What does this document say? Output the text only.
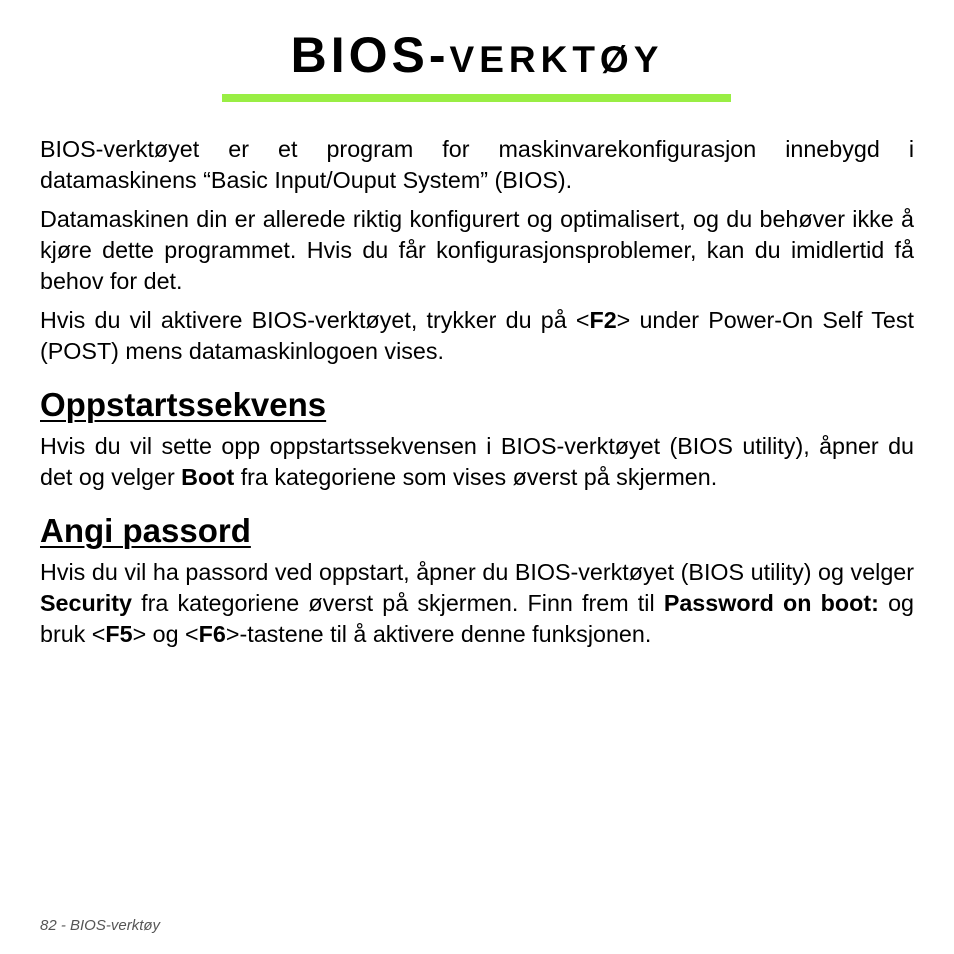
BIOS-VERKTØY

BIOS-verktøyet er et program for maskinvarekonfigurasjon innebygd i datamaskinens “Basic Input/Ouput System” (BIOS).

Datamaskinen din er allerede riktig konfigurert og optimalisert, og du behøver ikke å kjøre dette programmet. Hvis du får konfigurasjonsproblemer, kan du imidlertid få behov for det.

Hvis du vil aktivere BIOS-verktøyet, trykker du på <F2> under Power-On Self Test (POST) mens datamaskinlogoen vises.

Oppstartssekvens

Hvis du vil sette opp oppstartssekvensen i BIOS-verktøyet (BIOS utility), åpner du det og velger Boot fra kategoriene som vises øverst på skjermen.

Angi passord

Hvis du vil ha passord ved oppstart, åpner du BIOS-verktøyet (BIOS utility) og velger Security fra kategoriene øverst på skjermen. Finn frem til Password on boot: og bruk <F5> og <F6>-tastene til å aktivere denne funksjonen.

82 - BIOS-verktøy
